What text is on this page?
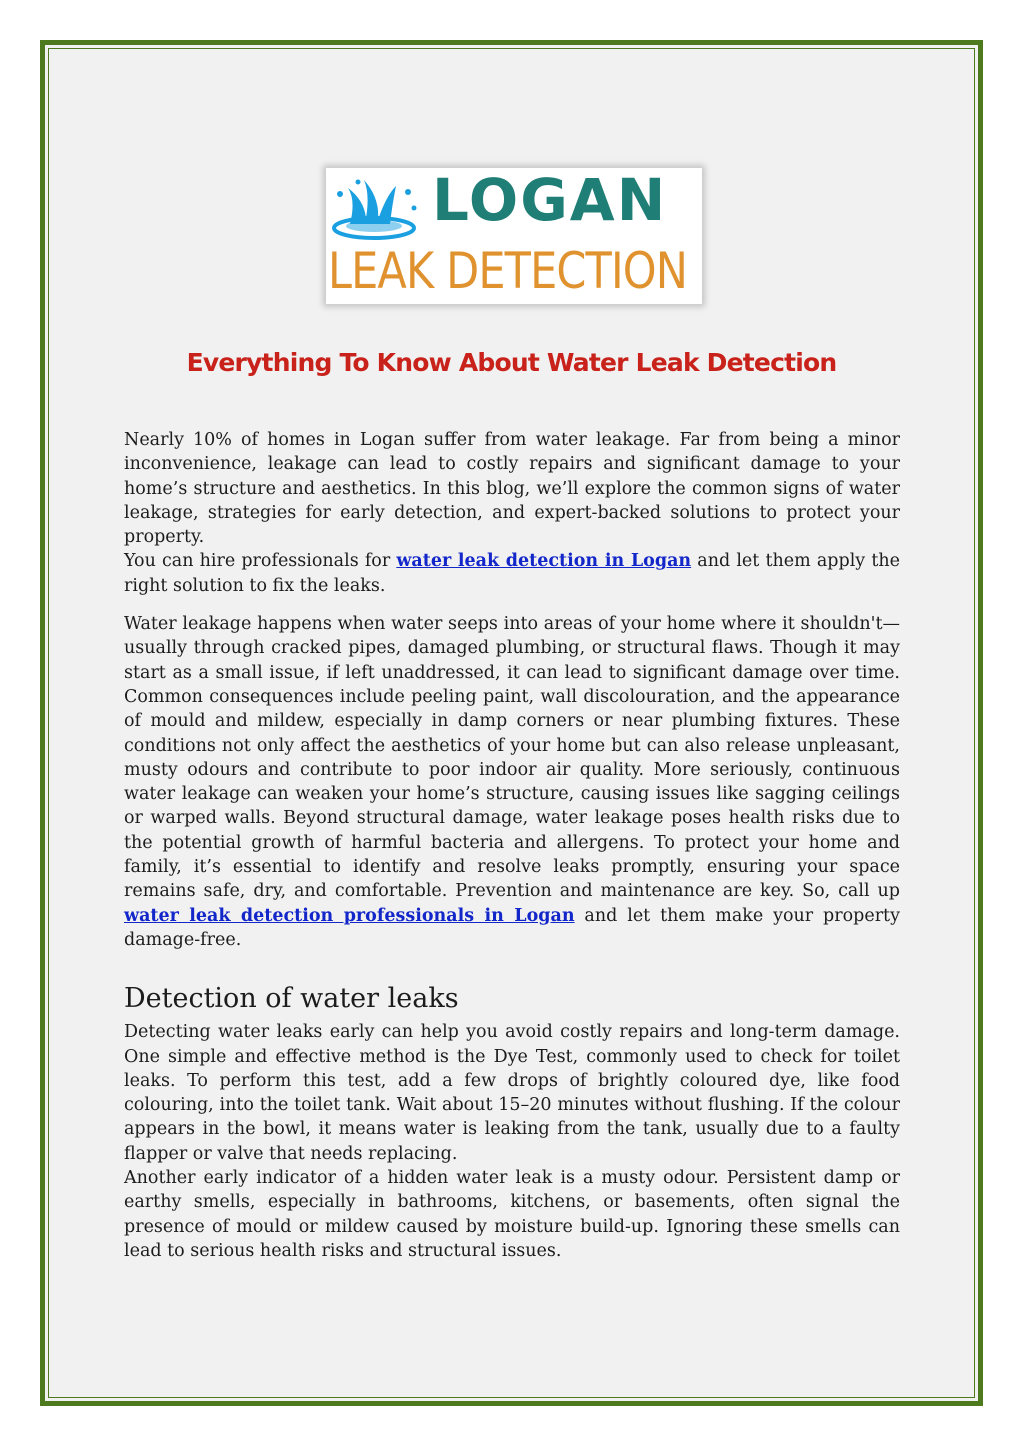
LOGAN
LEAK DETECTION
Everything To Know About Water Leak Detection

Nearly 10% of homes in Logan suffer from water leakage. Far from being a minor inconvenience, leakage can lead to costly repairs and significant damage to your home’s structure and aesthetics. In this blog, we’ll explore the common signs of water leakage, strategies for early detection, and expert-backed solutions to protect your property.

You can hire professionals for water leak detection in Logan and let them apply the right solution to fix the leaks.

Water leakage happens when water seeps into areas of your home where it shouldn't—usually through cracked pipes, damaged plumbing, or structural flaws. Though it may start as a small issue, if left unaddressed, it can lead to significant damage over time. Common consequences include peeling paint, wall discolouration, and the appearance of mould and mildew, especially in damp corners or near plumbing fixtures. These conditions not only affect the aesthetics of your home but can also release unpleasant, musty odours and contribute to poor indoor air quality. More seriously, continuous water leakage can weaken your home’s structure, causing issues like sagging ceilings or warped walls. Beyond structural damage, water leakage poses health risks due to the potential growth of harmful bacteria and allergens. To protect your home and family, it’s essential to identify and resolve leaks promptly, ensuring your space remains safe, dry, and comfortable. Prevention and maintenance are key. So, call up water leak detection professionals in Logan and let them make your property damage-free.

Detection of water leaks

Detecting water leaks early can help you avoid costly repairs and long-term damage. One simple and effective method is the Dye Test, commonly used to check for toilet leaks. To perform this test, add a few drops of brightly coloured dye, like food colouring, into the toilet tank. Wait about 15–20 minutes without flushing. If the colour appears in the bowl, it means water is leaking from the tank, usually due to a faulty flapper or valve that needs replacing.

Another early indicator of a hidden water leak is a musty odour. Persistent damp or earthy smells, especially in bathrooms, kitchens, or basements, often signal the presence of mould or mildew caused by moisture build-up. Ignoring these smells can lead to serious health risks and structural issues.
